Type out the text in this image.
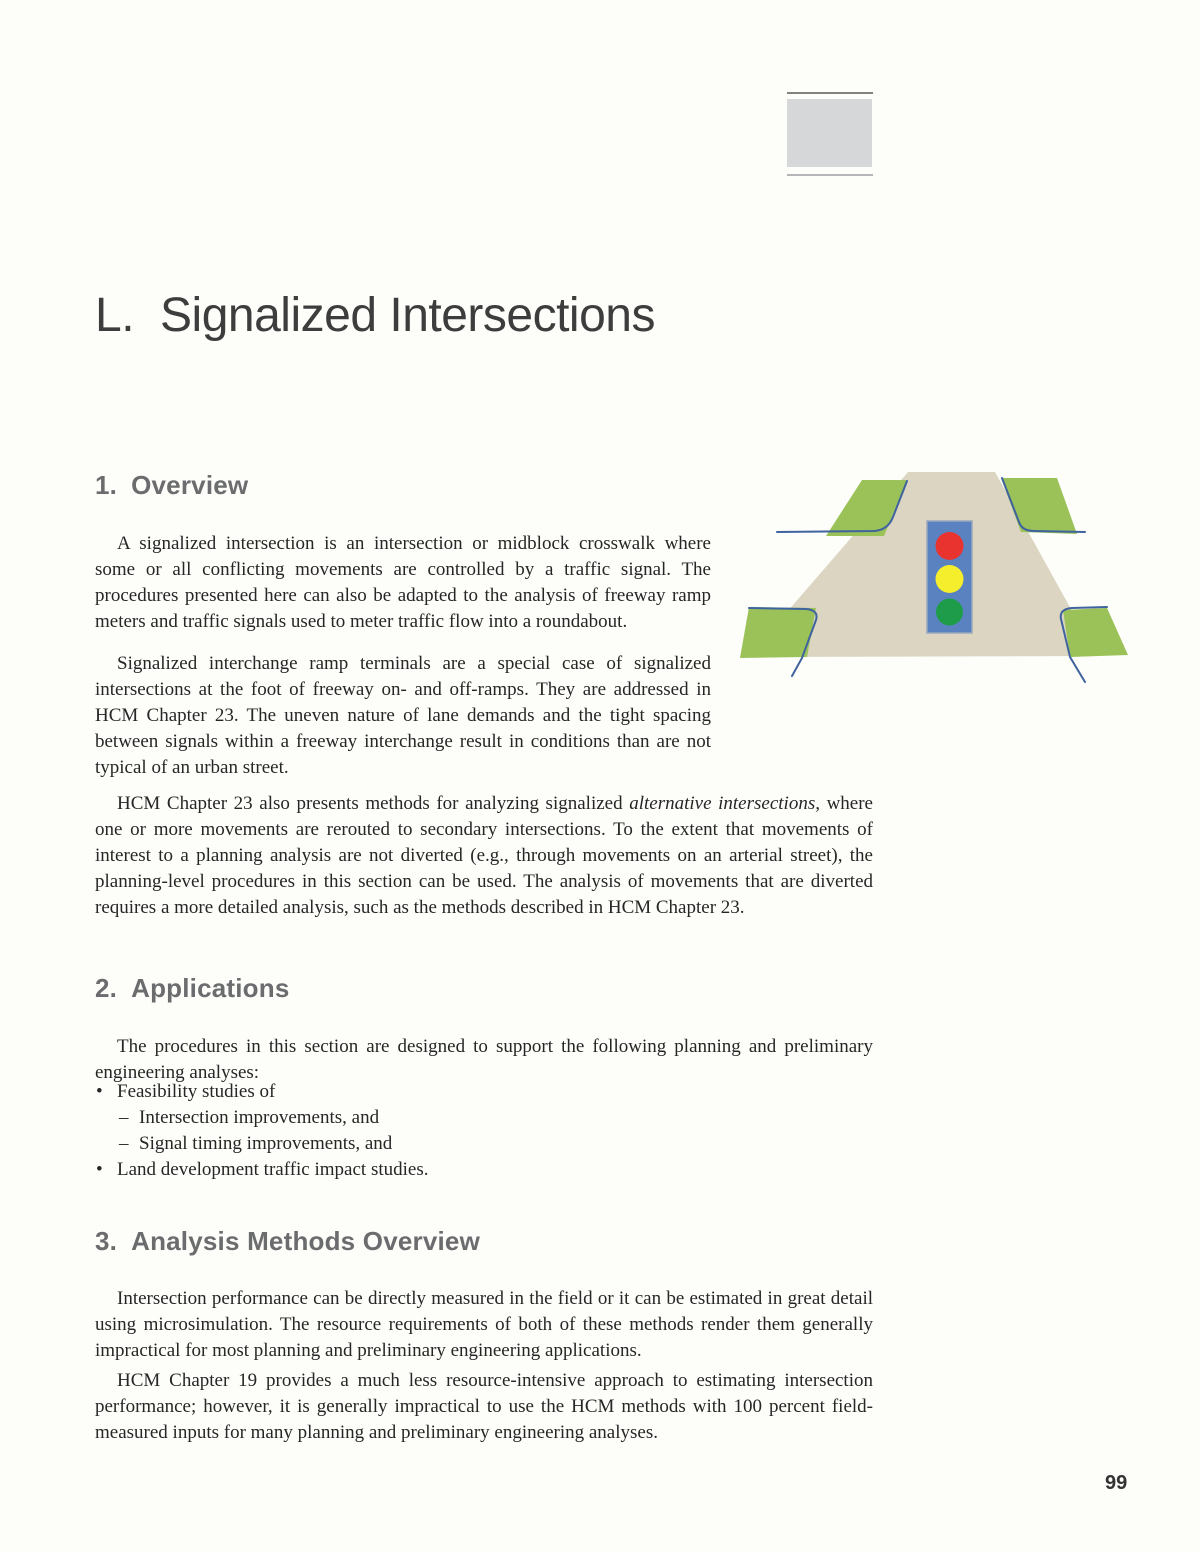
L. Signalized Intersections
1. Overview

A signalized intersection is an intersection or midblock crosswalk where some or all conflicting movements are controlled by a traffic signal. The procedures presented here can also be adapted to the analysis of freeway ramp meters and traffic signals used to meter traffic flow into a roundabout.

Signalized interchange ramp terminals are a special case of signalized intersections at the foot of freeway on- and off-ramps. They are addressed in HCM Chapter 23. The uneven nature of lane demands and the tight spacing between signals within a freeway interchange result in conditions than are not typical of an urban street.

HCM Chapter 23 also presents methods for analyzing signalized alternative intersections, where one or more movements are rerouted to secondary intersections. To the extent that movements of interest to a planning analysis are not diverted (e.g., through movements on an arterial street), the planning-level procedures in this section can be used. The analysis of movements that are diverted requires a more detailed analysis, such as the methods described in HCM Chapter 23.

2. Applications

The procedures in this section are designed to support the following planning and preliminary engineering analyses:

• Feasibility studies of
– Intersection improvements, and
– Signal timing improvements, and
• Land development traffic impact studies.
3. Analysis Methods Overview

Intersection performance can be directly measured in the field or it can be estimated in great detail using microsimulation. The resource requirements of both of these methods render them generally impractical for most planning and preliminary engineering applications.

HCM Chapter 19 provides a much less resource-intensive approach to estimating intersection performance; however, it is generally impractical to use the HCM methods with 100 percent field-measured inputs for many planning and preliminary engineering analyses.

99
